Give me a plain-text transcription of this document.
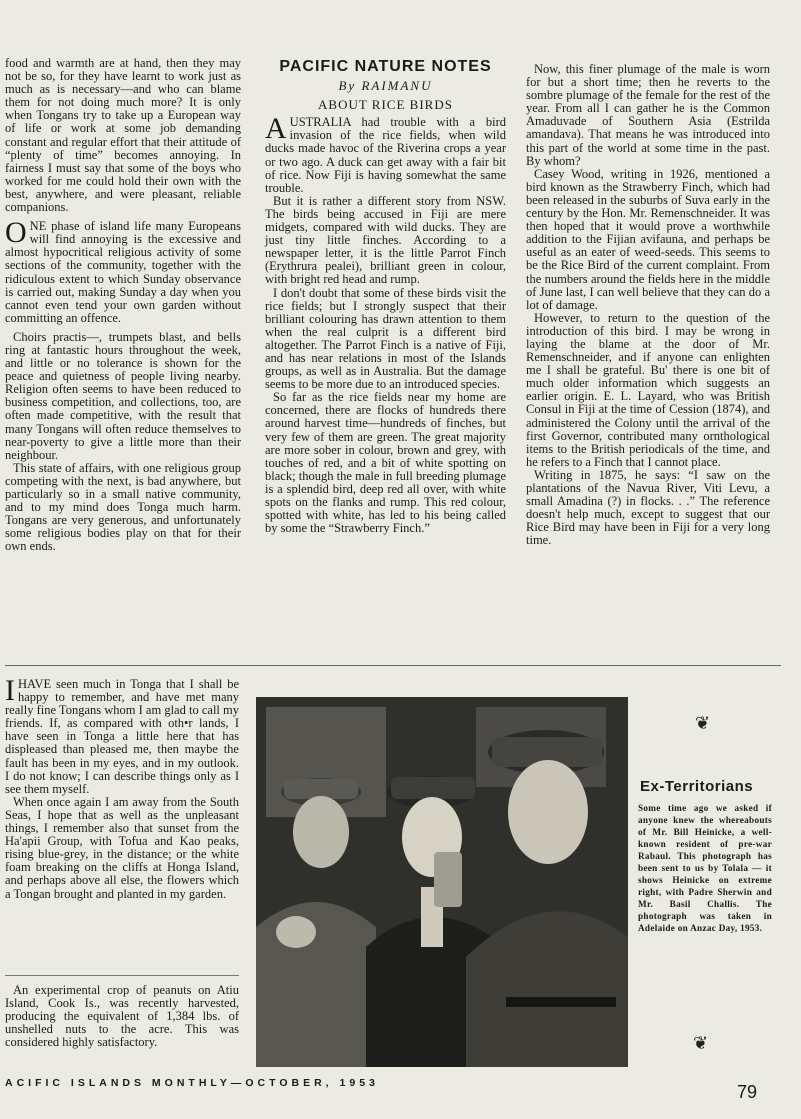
food and warmth are at hand, then they may not be so, for they have learnt to work just as much as is necessary—and who can blame them for not doing much more? It is only when Tongans try to take up a European way of life or work at some job demanding constant and regular effort that their attitude of “plenty of time” becomes annoying. In fairness I must say that some of the boys who worked for me could hold their own with the best, anywhere, and were pleasant, reliable companions.

ONE phase of island life many Europeans will find annoying is the excessive and almost hypocritical religious activity of some sections of the community, together with the ridiculous extent to which Sunday observance is carried out, making Sunday a day when you cannot even tend your own garden without committing an offence.

Choirs practis—, trumpets blast, and bells ring at fantastic hours throughout the week, and little or no tolerance is shown for the peace and quietness of people living nearby. Religion often seems to have been reduced to business competition, and collections, too, are often made competitive, with the result that many Tongans will often reduce themselves to near-poverty to give a little more than their neighbour.

This state of affairs, with one religious group competing with the next, is bad anywhere, but particularly so in a small native community, and to my mind does Tonga much harm. Tongans are very generous, and unfortunately some religious bodies play on that for their own ends.

PACIFIC NATURE NOTES
By RAIMANU
ABOUT RICE BIRDS

AUSTRALIA had trouble with a bird invasion of the rice fields, when wild ducks made havoc of the Riverina crops a year or two ago. A duck can get away with a fair bit of rice. Now Fiji is having somewhat the same trouble.

But it is rather a different story from NSW. The birds being accused in Fiji are mere midgets, compared with wild ducks. They are just tiny little finches. According to a newspaper letter, it is the little Parrot Finch (Erythrura pealei), brilliant green in colour, with bright red head and rump.

I don't doubt that some of these birds visit the rice fields; but I strongly suspect that their brilliant colouring has drawn attention to them when the real culprit is a different bird altogether. The Parrot Finch is a native of Fiji, and has near relations in most of the Islands groups, as well as in Australia. But the damage seems to be more due to an introduced species.

So far as the rice fields near my home are concerned, there are flocks of hundreds there around harvest time—hundreds of finches, but very few of them are green. The great majority are more sober in colour, brown and grey, with touches of red, and a bit of white spotting on black; though the male in full breeding plumage is a splendid bird, deep red all over, with white spots on the flanks and rump. This red colour, spotted with white, has led to his being called by some the “Strawberry Finch.”

Now, this finer plumage of the male is worn for but a short time; then he reverts to the sombre plumage of the female for the rest of the year. From all I can gather he is the Common Amaduvade of Southern Asia (Estrilda amandava). That means he was introduced into this part of the world at some time in the past. By whom?

Casey Wood, writing in 1926, mentioned a bird known as the Strawberry Finch, which had been released in the suburbs of Suva early in the century by the Hon. Mr. Remenschneider. It was then hoped that it would prove a worthwhile addition to the Fijian avifauna, and perhaps be useful as an eater of weed-seeds. This seems to be the Rice Bird of the current complaint. From the numbers around the fields here in the middle of June last, I can well believe that they can do a lot of damage.

However, to return to the question of the introduction of this bird. I may be wrong in laying the blame at the door of Mr. Remenschneider, and if anyone can enlighten me I shall be grateful. Bu' there is one bit of much older information which suggests an earlier origin. E. L. Layard, who was British Consul in Fiji at the time of Cession (1874), and administered the Colony until the arrival of the first Governor, contributed many ornthological items to the British periodicals of the time, and he refers to a Finch that I cannot place.

Writing in 1875, he says: “I saw on the plantations of the Navua River, Viti Levu, a small Amadina (?) in flocks. . .” The reference doesn't help much, except to suggest that our Rice Bird may have been in Fiji for a very long time.

IHAVE seen much in Tonga that I shall be happy to remember, and have met many really fine Tongans whom I am glad to call my friends. If, as compared with oth•r lands, I have seen in Tonga a little here that has displeased than pleased me, then maybe the fault has been in my eyes, and in my outlook. I do not know; I can describe things only as I see them myself.

When once again I am away from the South Seas, I hope that as well as the unpleasant things, I remember also that sunset from the Ha'apii Group, with Tofua and Kao peaks, rising blue-grey, in the distance; or the white foam breaking on the cliffs at Honga Island, and perhaps above all else, the flowers which a Tongan brought and planted in my garden.

An experimental crop of peanuts on Atiu Island, Cook Is., was recently harvested, producing the equivalent of 1,384 lbs. of unshelled nuts to the acre. This was considered highly satisfactory.

❦
❦
Ex-Territorians
Some time ago we asked if anyone knew the whereabouts of Mr. Bill Heinicke, a well-known resident of pre-war Rabaul. This photograph has been sent to us by Tolala — it shows Heinicke on extreme right, with Padre Sherwin and Mr. Basil Challis. The photograph was taken in Adelaide on Anzac Day, 1953.
ACIFIC ISLANDS MONTHLY—OCTOBER, 1953	79
